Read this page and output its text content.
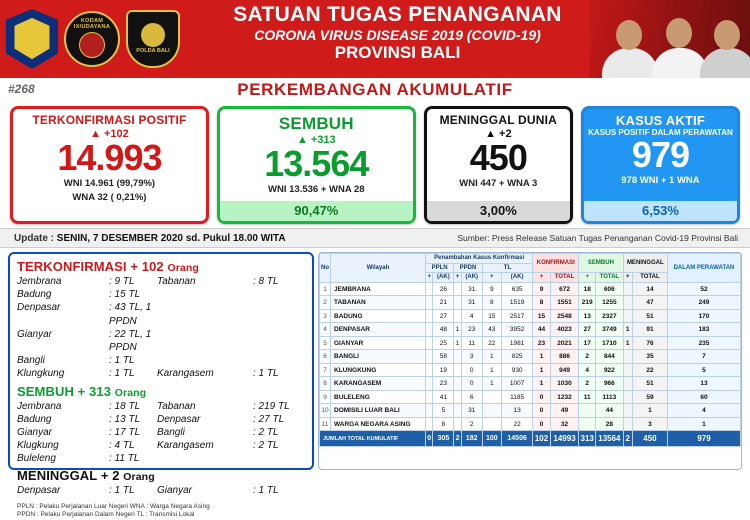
KODAM IX/UDAYANA
POLDA BALI
SATUAN TUGAS PENANGANAN
CORONA VIRUS DISEASE 2019 (COVID-19)
PROVINSI BALI
#268	PERKEMBANGAN AKUMULATIF
TERKONFIRMASI POSITIF
▲ +102
14.993
WNI 14.961 (99,79%)
WNA 32 ( 0,21%)
SEMBUH
▲ +313
13.564
WNI 13.536 + WNA 28
90,47%
MENINGGAL DUNIA
▲ +2
450
WNI 447 + WNA 3
3,00%
KASUS AKTIF
KASUS POSITIF DALAM PERAWATAN
979
978 WNI + 1 WNA
6,53%
Update : SENIN, 7 DESEMBER 2020 sd. Pukul 18.00 WITA	Sumber: Press Release Satuan Tugas Penanganan Covid-19 Provinsi Bali
TERKONFIRMASI + 102 Orang
Jembrana	: 9 TL	Tabanan	: 8 TL
Badung	: 15 TL
Denpasar	: 43 TL, 1 PPDN
Gianyar	: 22 TL, 1 PPDN
Bangli	: 1 TL
Klungkung	: 1 TL	Karangasem	: 1 TL
SEMBUH + 313 Orang
Jembrana	: 18 TL	Tabanan	: 219 TL
Badung	: 13 TL	Denpasar	: 27 TL
Gianyar	: 17 TL	Bangli	: 2 TL
Klugkung	: 4 TL	Karangasem	: 2 TL
Buleleng	: 11 TL
MENINGGAL + 2 Orang
Denpasar	: 1 TL	Gianyar	: 1 TL
PPLN : Pelaku Perjalanan Luar Negeri WNA : Warga Negara Asing
PPDN : Pelaku Perjalanan Dalam Negeri TL : Transmisi Lokal
No	Wilayah	Penambahan Kasus Konfirmasi						KONFIRMASI		SEMBUH		MENINGGAL		DALAM PERAWATAN
		PPLN		PPDN		TL								
		+	(AK)	+	(AK)	+	(AK)	+	TOTAL	+	TOTAL	+	TOTAL	
1	JEMBRANA		26		31	9	635	9	672	18	606		14	52
2	TABANAN		21		31	8	1519	8	1551	219	1255		47	249
3	BADUNG		27		4	15	2517	15	2548	13	2327		51	170
4	DENPASAR		48	1	23	43	3952	44	4023	27	3749	1	91	183
5	GIANYAR		25	1	11	22	1981	23	2021	17	1710	1	76	235
6	BANGLI		58		3	1	825	1	886	2	844		35	7
7	KLUNGKUNG		19		0	1	930	1	949	4	922		22	5
8	KARANGASEM		23		0	1	1007	1	1030	2	966		51	13
9	BULELENG		41		6		1185	0	1232	11	1113		59	60
10	DOMISILI LUAR BALI		5		31		13	0	49		44		1	4
11	WARGA NEGARA ASING		8		2		22	0	32		28		3	1
JUMLAH TOTAL KUMULATIF		0	305	2	182	100	14506	102	14993	313	13564	2	450	979
